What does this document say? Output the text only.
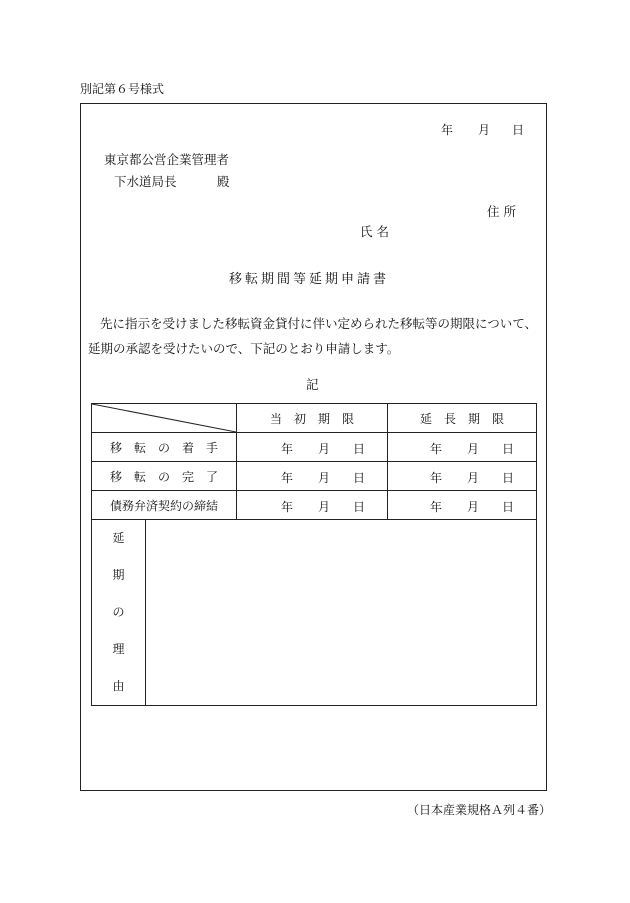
別記第６号様式
年 月 日
東京都公営企業管理者
下水道局長	殿
住 所
氏 名
移転期間等延期申請書
先に指示を受けました移転資金貸付に伴い定められた移転等の期限について、延期の承認を受けたいので、下記のとおり申請します。
記
	当　初　期　限	延　長　期　限
移　転　の　着　手		年 月 日	年 月 日

移　転　の　完　了		年 月 日	年 月 日

債務弁済契約の締結		年 月 日	年 月 日

延
期
の
理
由			

（日本産業規格Ａ列４番）
